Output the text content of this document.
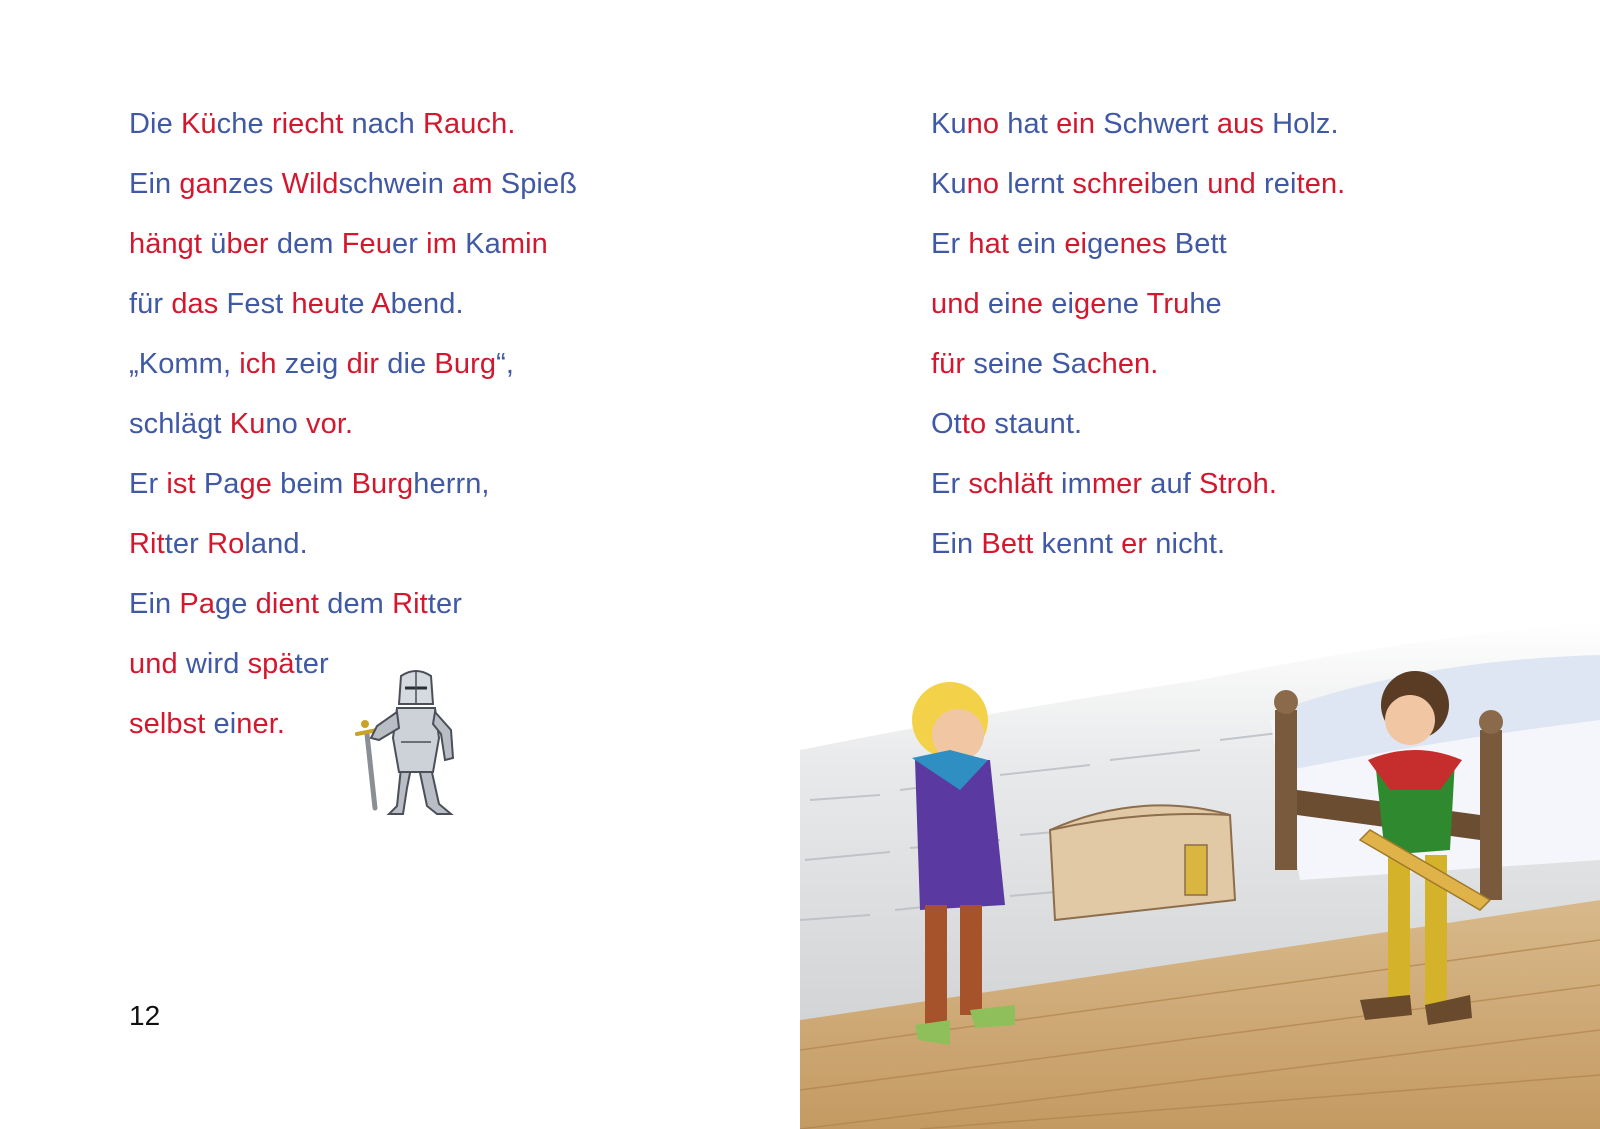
Die Küche riecht nach Rauch.
Ein ganzes Wildschwein am Spieß
hängt über dem Feuer im Kamin
für das Fest heute Abend.
„Komm, ich zeig dir die Burg“,
schlägt Kuno vor.
Er ist Page beim Burgherrn,
Ritter Roland.
Ein Page dient dem Ritter
und wird später
selbst einer.
12
Kuno hat ein Schwert aus Holz.
Kuno lernt schreiben und reiten.
Er hat ein eigenes Bett
und eine eigene Truhe
für seine Sachen.
Otto staunt.
Er schläft immer auf Stroh.
Ein Bett kennt er nicht.
